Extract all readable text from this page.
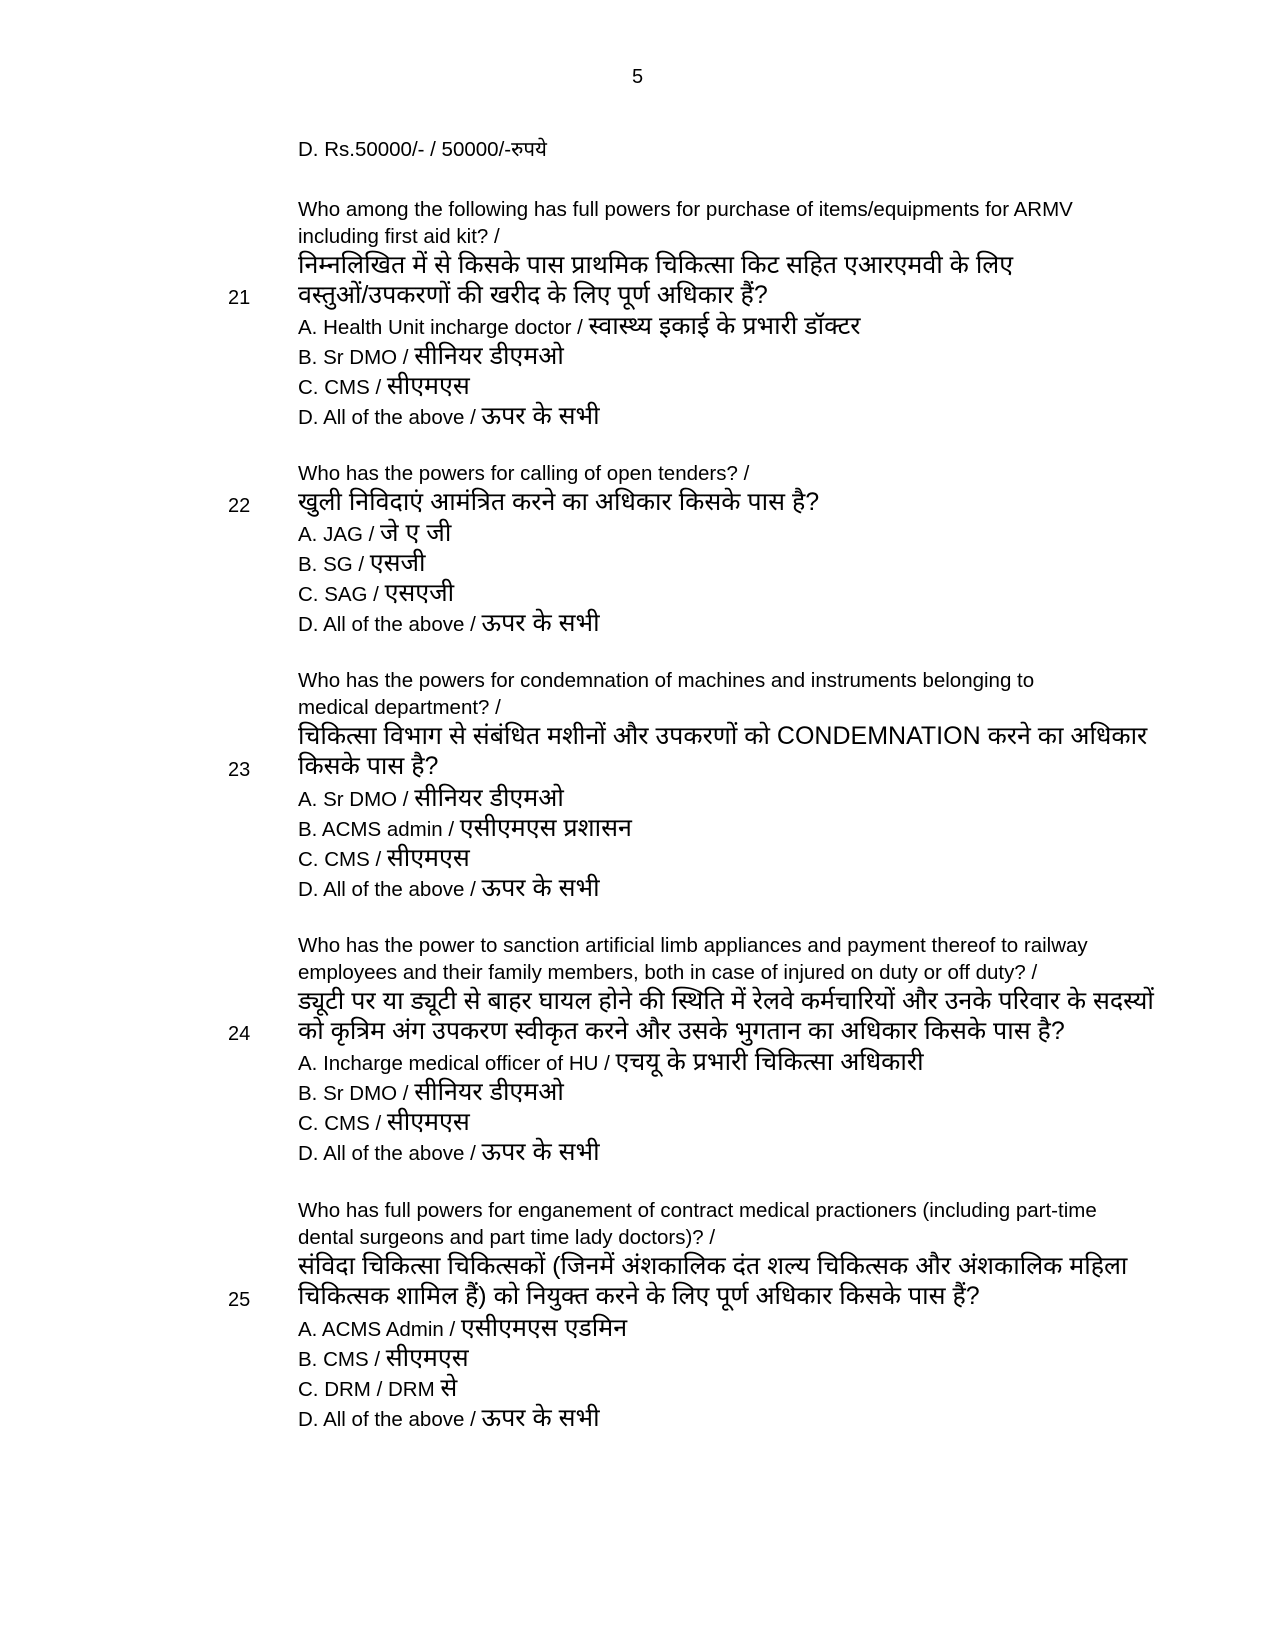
5
D. Rs.50000/- / 50000/-रुपये
Who among the following has full powers for purchase of items/equipments for ARMV
including first aid kit? /
निम्नलिखित में से किसके पास प्राथमिक चिकित्सा किट सहित एआरएमवी के लिए
21 वस्तुओं/उपकरणों की खरीद के लिए पूर्ण अधिकार हैं?
A. Health Unit incharge doctor / स्वास्थ्य इकाई के प्रभारी डॉक्टर
B. Sr DMO / सीनियर डीएमओ
C. CMS / सीएमएस
D. All of the above / ऊपर के सभी
Who has the powers for calling of open tenders? /
22 खुली निविदाएं आमंत्रित करने का अधिकार किसके पास है?
A. JAG / जे ए जी
B. SG / एसजी
C. SAG / एसएजी
D. All of the above / ऊपर के सभी
Who has the powers for condemnation of machines and instruments belonging to
medical department? /
चिकित्सा विभाग से संबंधित मशीनों और उपकरणों को CONDEMNATION करने का अधिकार
23 किसके पास है?
A. Sr DMO / सीनियर डीएमओ
B. ACMS admin / एसीएमएस प्रशासन
C. CMS / सीएमएस
D. All of the above / ऊपर के सभी
Who has the power to sanction artificial limb appliances and payment thereof to railway
employees and their family members, both in case of injured on duty or off duty? /
ड्यूटी पर या ड्यूटी से बाहर घायल होने की स्थिति में रेलवे कर्मचारियों और उनके परिवार के सदस्यों
24 को कृत्रिम अंग उपकरण स्वीकृत करने और उसके भुगतान का अधिकार किसके पास है?
A. Incharge medical officer of HU / एचयू के प्रभारी चिकित्सा अधिकारी
B. Sr DMO / सीनियर डीएमओ
C. CMS / सीएमएस
D. All of the above / ऊपर के सभी
Who has full powers for enganement of contract medical practioners (including part-time
dental surgeons and part time lady doctors)? /
संविदा चिकित्सा चिकित्सकों (जिनमें अंशकालिक दंत शल्य चिकित्सक और अंशकालिक महिला
25 चिकित्सक शामिल हैं) को नियुक्त करने के लिए पूर्ण अधिकार किसके पास हैं?
A. ACMS Admin / एसीएमएस एडमिन
B. CMS / सीएमएस
C. DRM / DRM से
D. All of the above / ऊपर के सभी
